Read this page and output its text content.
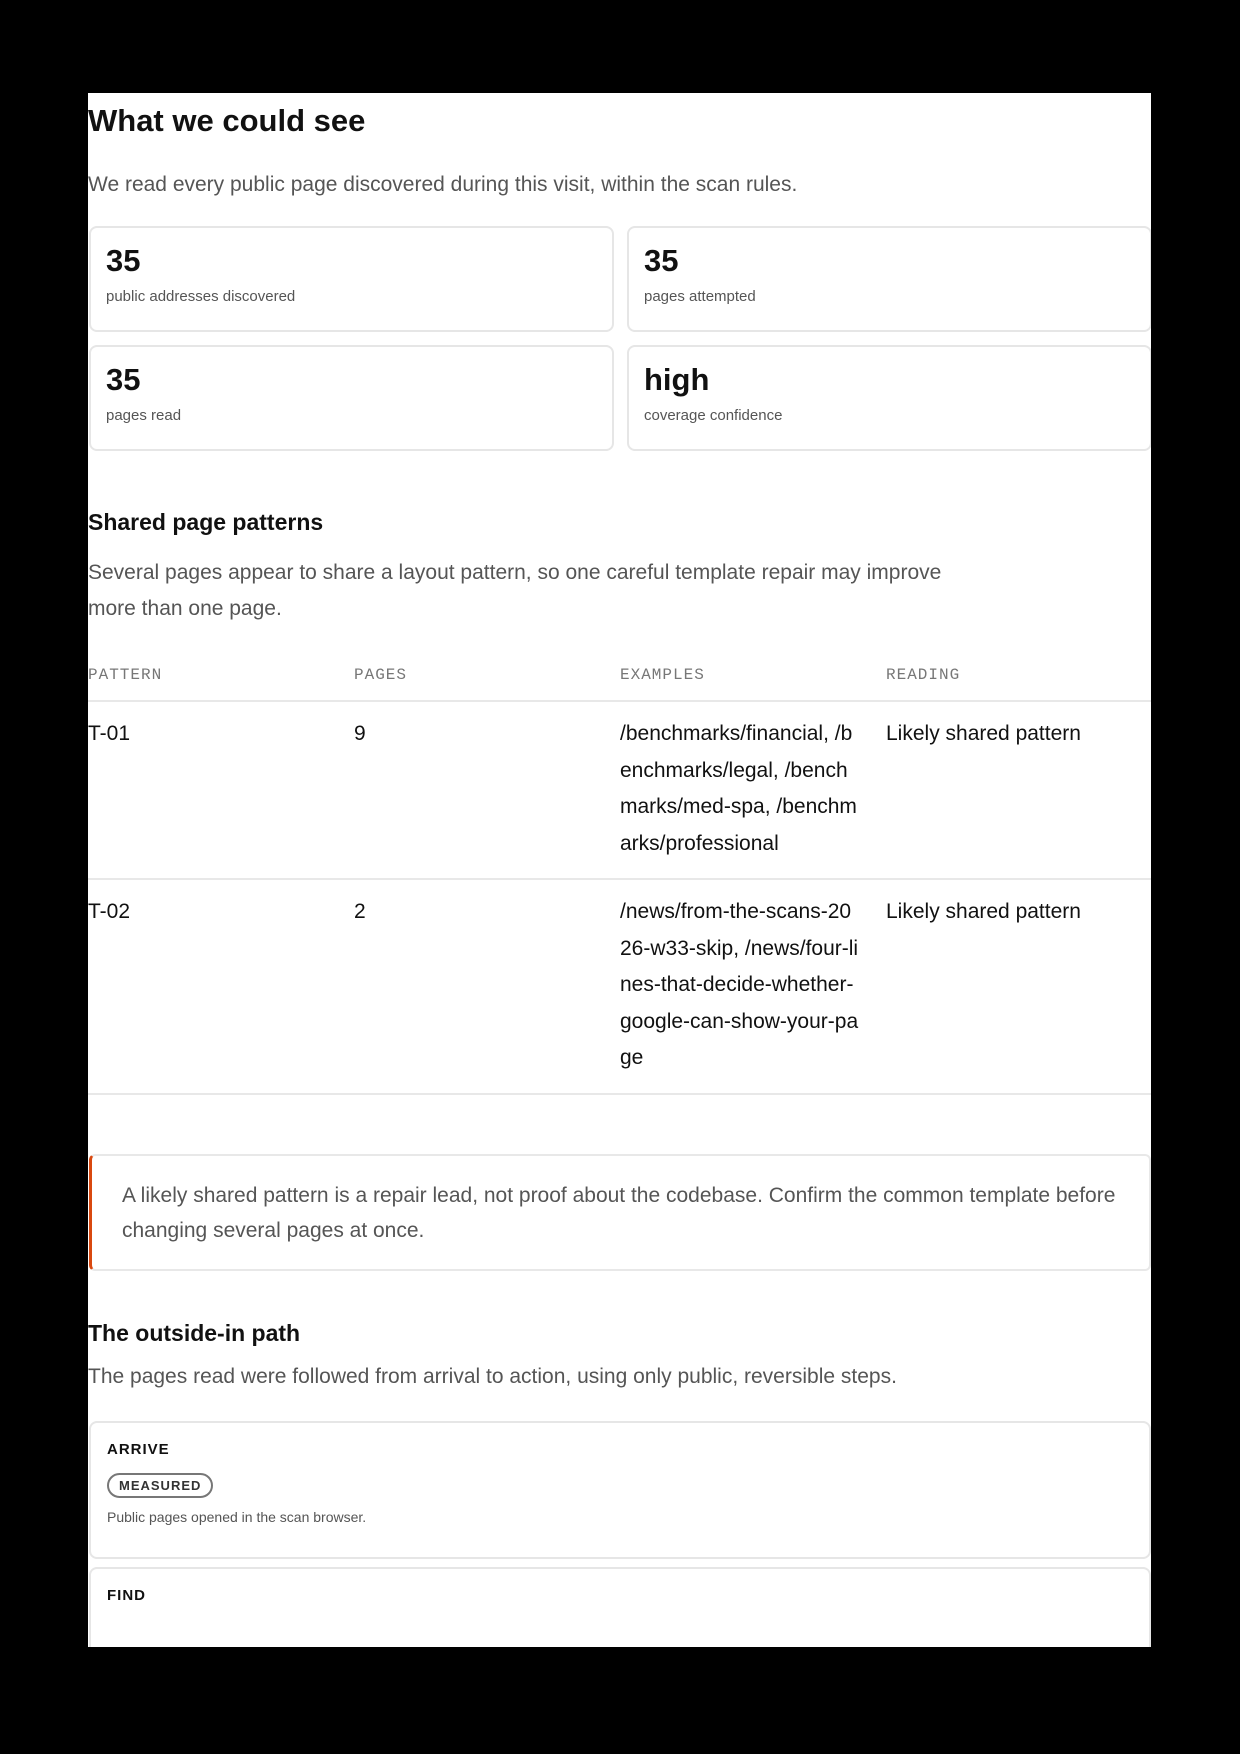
What we could see

We read every public page discovered during this visit, within the scan rules.

35
public addresses discovered
35
pages attempted
35
pages read
high
coverage confidence
Shared page patterns

Several pages appear to share a layout pattern, so one careful template repair may improve more than one page.

PATTERN	PAGES	EXAMPLES	READING
T-01	9	/benchmarks/financial, /benchmarks/legal, /benchmarks/med-spa, /benchmarks/professional	Likely shared pattern
T-02	2	/news/from-the-scans-2026-w33-skip, /news/four-lines-that-decide-whether-google-can-show-your-page	Likely shared pattern
A likely shared pattern is a repair lead, not proof about the codebase. Confirm the common template before changing several pages at once.
The outside-in path

The pages read were followed from arrival to action, using only public, reversible steps.

ARRIVE
MEASURED
Public pages opened in the scan browser.
FIND
